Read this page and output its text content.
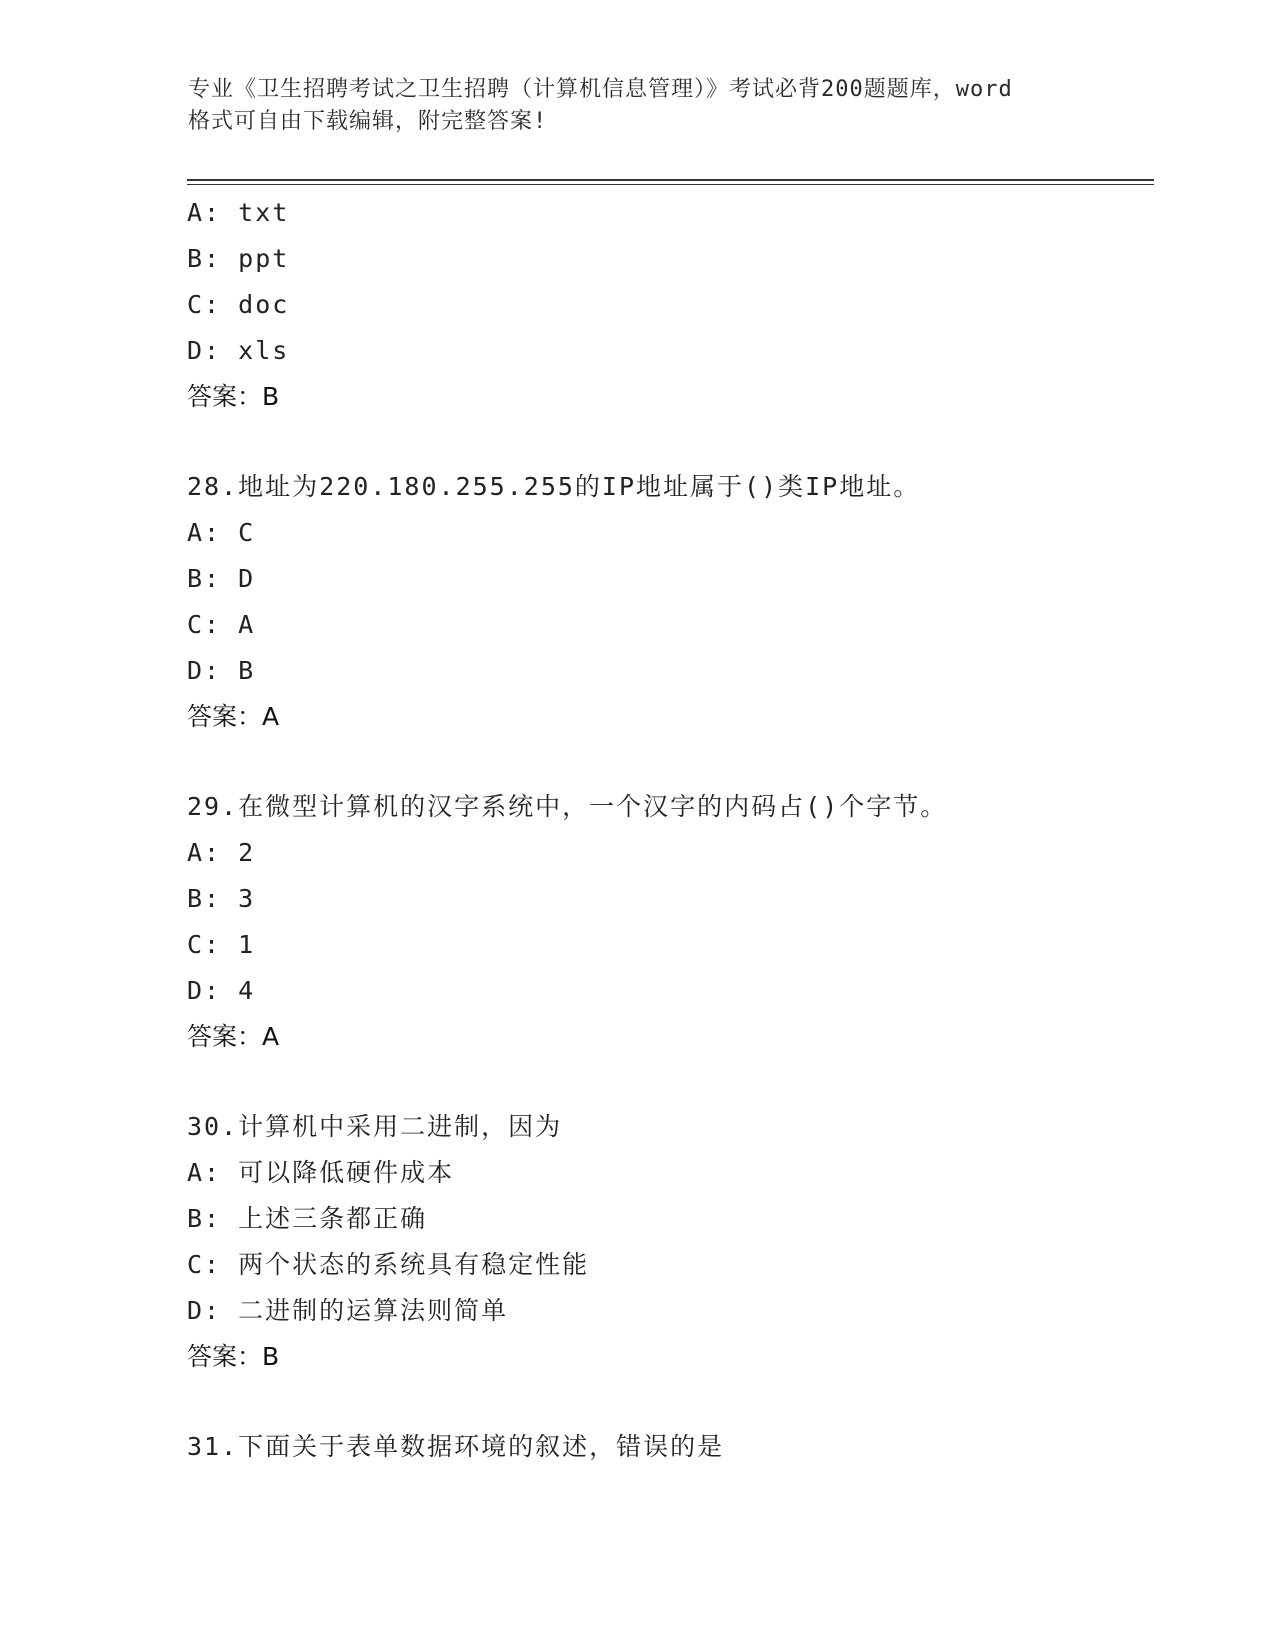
专业《卫生招聘考试之卫生招聘（计算机信息管理）》考试必背200题题库，word
格式可自由下载编辑，附完整答案!
A: txt
B: ppt
C: doc
D: xls
答案：B
28.地址为220.180.255.255的IP地址属于()类IP地址。
A: C
B: D
C: A
D: B
答案：A
29.在微型计算机的汉字系统中，一个汉字的内码占()个字节。
A: 2
B: 3
C: 1
D: 4
答案：A
30.计算机中采用二进制，因为
A: 可以降低硬件成本
B: 上述三条都正确
C: 两个状态的系统具有稳定性能
D: 二进制的运算法则简单
答案：B
31.下面关于表单数据环境的叙述，错误的是
